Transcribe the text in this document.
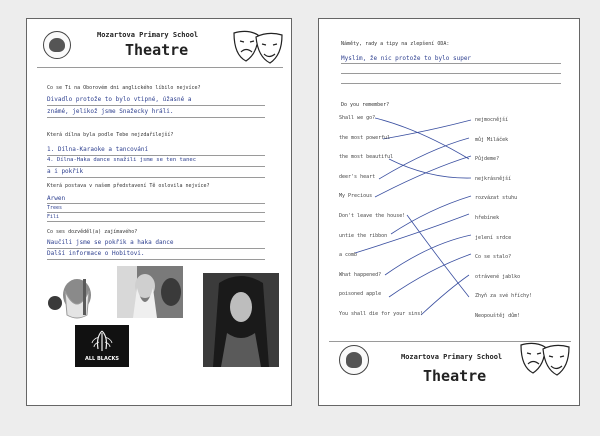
Mozartova Primary School
Theatre
Co se Ti na Oborovém dni anglického líbilo nejvíce?
Divadlo protože to bylo vtipné, úžasné a
známé, jelikož jsme Snažecky hráli.
Která dílna byla podle Tebe nejzdařilejší?
1. Dílna-Karaoke a tancování
4. Dílna-Haka dance snažili jsme se ten tanec
a i pokřik
Která postava v našem představení Tě oslovila nejvíce?
Arwen
Trees
Fili
Co ses dozvěděl(a) zajímavého?
Naučili jsme se pokřik a haka dance
Další informace o Hobitovi.
ALL BLACKS
Náměty, rady a tipy na zlepšení ODA:
Myslím, že nic protože to bylo super
Do you remember?
Mozartova Primary School
Theatre
Shall we go?
the most powerful
the most beautiful
deer's heart
My Precious
Don't leave the house!
untie the ribbon
a comb
What happened?
poisoned apple
You shall die for your sins!
nejmocnější
můj Miláček
Půjdeme?
nejkrásnější
rozvázat stuhu
hřebínek
jelení srdce
Co se stalo?
otrávené jablko
Zhyň za své hříchy!
Neopouštěj dům!
